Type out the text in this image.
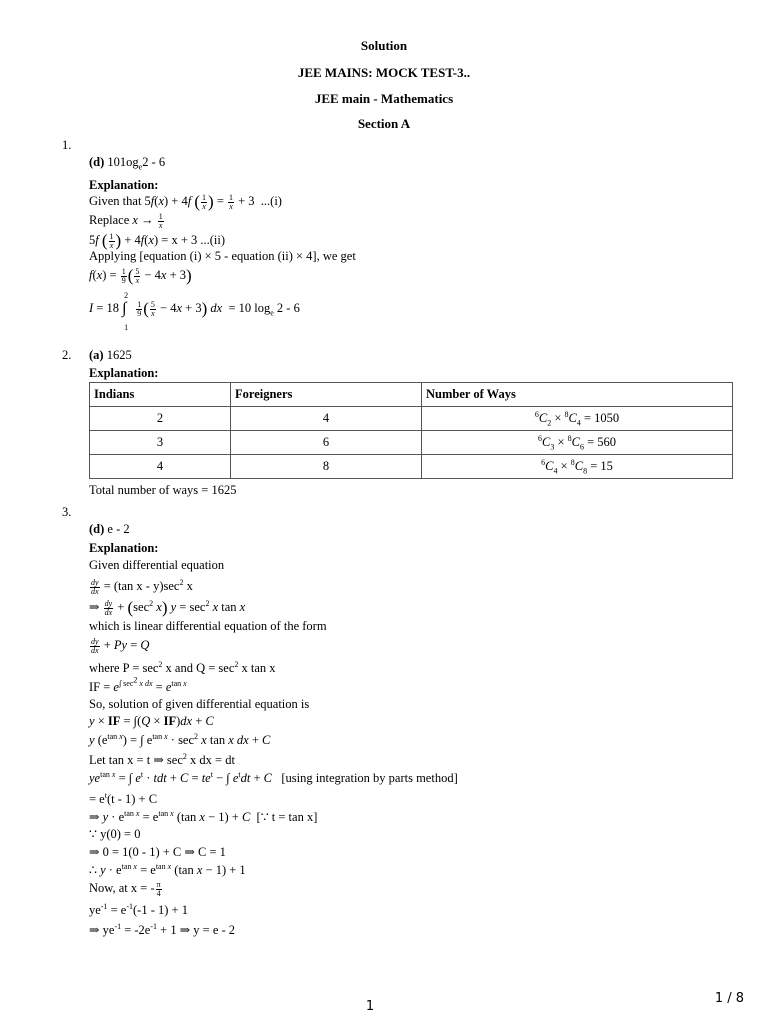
Solution
JEE MAINS: MOCK TEST-3..
JEE main - Mathematics
Section A
1.
(d) $101og_e2 - 6$
Explanation:
Given that 5f(x) + 4f ( $\frac{1}{x}$ ) = $\frac{1}{x} + 3$  ...(i)
Replace $x \to \frac{1}{x}$
5f ( $\frac{1}{x}$ ) + 4f(x) = x + 3 ...(ii)
Applying [equation (i) × 5 - equation (ii) × 4], we get
$f(x) = \frac{1}{9}$ ( $\frac{5}{x} - 4x + 3$)
I = 18
2
∫
1

$\frac{1}{9}$ ( $\frac{5}{x} - 4x + 3$) dx  = 10 $\log_e 2 - 6$
2. (a) 1625
Explanation:
Indians	Foreigners	Number of Ways
2	4	$^6C_2 \times ^8C_4 = 1050$
3	6	$^6C_3 \times ^8C_6 = 560$
4	8	$^6C_4 \times ^8C_8 = 15$
Total number of ways = 1625
3.
(d) e - 2
Explanation:
Given differential equation
$\frac{dy}{dx} = (\tan$ x - $y)\sec^2$ x
⇒ $\frac{dy}{dx} + (\sec^2$ x) $y = \sec^2 x$ tan x
which is linear differential equation of the form
$\frac{dy}{dx} + Py = Q$
where $P = \sec^2 x$ and $Q = \sec^2 x$ tan x
IF = $e^{\int sec^2 x dx} = e^{tan x}$
So, solution of given differential equation is
y × IF = ∫(Q × IF)dx + C
y $(e^{tan x})$ = ∫ $e^{tan x} \cdot \sec^2 x$ tan x dx + C
Let tan x = t ⇒ $\sec^2 x$ dx = dt
$ye^{tan x}$ = ∫ $e^t$ · tdt + $C = te^t$ − ∫ $e^tdt + C$   [using integration by parts method]
= $e^t(t - 1) + C$
⇒ $y \cdot e^{tan x} = e^{tan x}$ (tan x − 1) + C  [∵ t = tan x]
∵ y(0) = 0
⇒ 0 = 1(0 - 1) + C ⇒ C = 1
∴ $y \cdot e^{tan x} = e^{tan x}$ (tan x − 1) + 1
Now, at x = - $\frac{\pi}{4}$
$ye^{-1} = e^{-1}(-1 - 1) + 1$
⇒ $ye^{-1} = -2e^{-1} + 1$ ⇒ y = e - 2
1
1 / 8
